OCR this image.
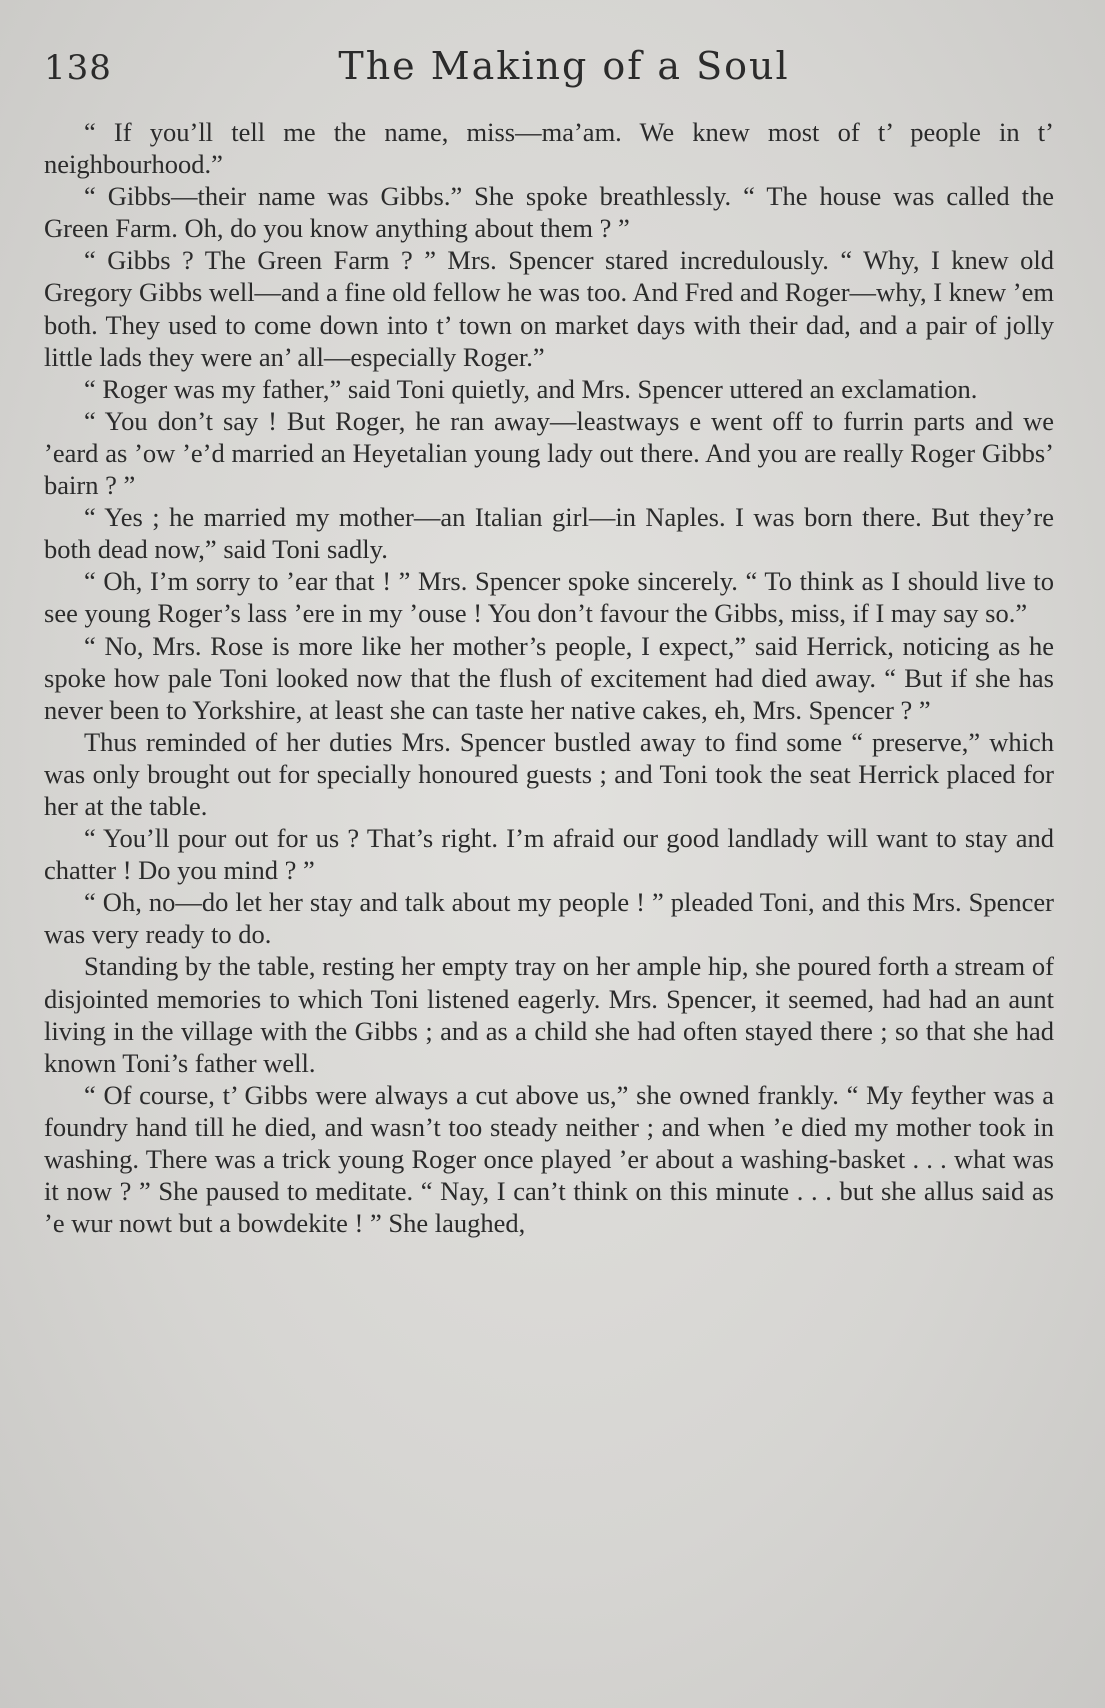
138	The Making of a Soul

“ If you’ll tell me the name, miss—ma’am. We knew most of t’ people in t’ neighbourhood.”

“ Gibbs—their name was Gibbs.” She spoke breathlessly. “ The house was called the Green Farm. Oh, do you know anything about them ? ”

“ Gibbs ? The Green Farm ? ” Mrs. Spencer stared incredulously. “ Why, I knew old Gregory Gibbs well—and a fine old fellow he was too. And Fred and Roger—why, I knew ’em both. They used to come down into t’ town on market days with their dad, and a pair of jolly little lads they were an’ all—especially Roger.”

“ Roger was my father,” said Toni quietly, and Mrs. Spencer uttered an exclamation.

“ You don’t say ! But Roger, he ran away—leastways e went off to furrin parts and we ’eard as ’ow ’e’d married an Heyetalian young lady out there. And you are really Roger Gibbs’ bairn ? ”

“ Yes ; he married my mother—an Italian girl—in Naples. I was born there. But they’re both dead now,” said Toni sadly.

“ Oh, I’m sorry to ’ear that ! ” Mrs. Spencer spoke sincerely. “ To think as I should live to see young Roger’s lass ’ere in my ’ouse ! You don’t favour the Gibbs, miss, if I may say so.”

“ No, Mrs. Rose is more like her mother’s people, I expect,” said Herrick, noticing as he spoke how pale Toni looked now that the flush of excitement had died away. “ But if she has never been to Yorkshire, at least she can taste her native cakes, eh, Mrs. Spencer ? ”

Thus reminded of her duties Mrs. Spencer bustled away to find some “ preserve,” which was only brought out for specially honoured guests ; and Toni took the seat Herrick placed for her at the table.

“ You’ll pour out for us ? That’s right. I’m afraid our good landlady will want to stay and chatter ! Do you mind ? ”

“ Oh, no—do let her stay and talk about my people ! ” pleaded Toni, and this Mrs. Spencer was very ready to do.

Standing by the table, resting her empty tray on her ample hip, she poured forth a stream of disjointed memories to which Toni listened eagerly. Mrs. Spencer, it seemed, had had an aunt living in the village with the Gibbs ; and as a child she had often stayed there ; so that she had known Toni’s father well.

“ Of course, t’ Gibbs were always a cut above us,” she owned frankly. “ My feyther was a foundry hand till he died, and wasn’t too steady neither ; and when ’e died my mother took in washing. There was a trick young Roger once played ’er about a washing-basket . . . what was it now ? ” She paused to meditate. “ Nay, I can’t think on this minute . . . but she allus said as ’e wur nowt but a bowdekite ! ” She laughed,
